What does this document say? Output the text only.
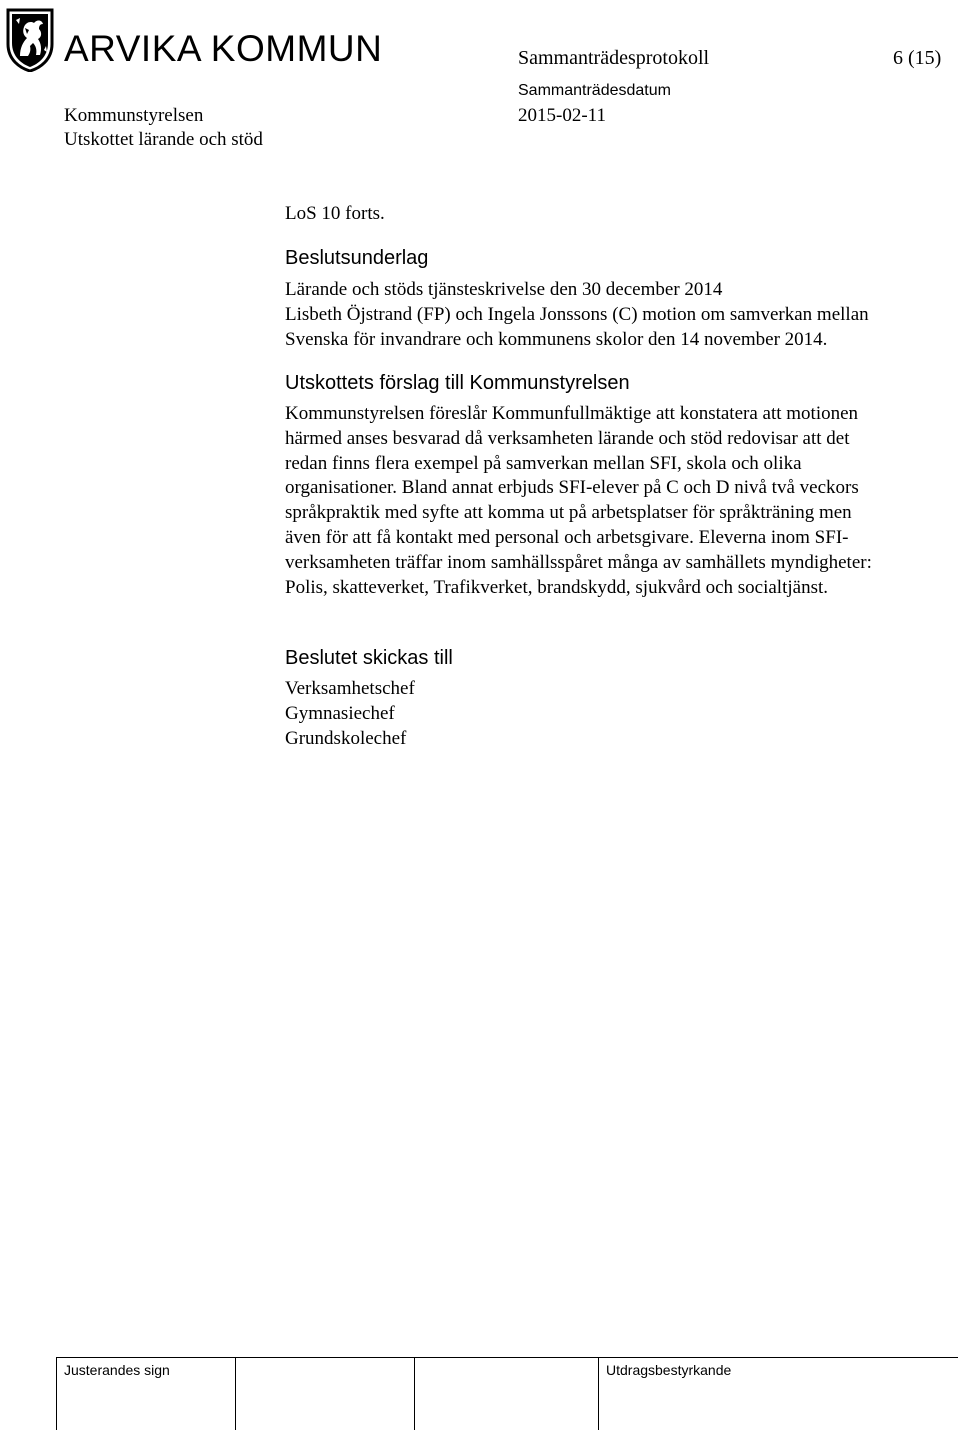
ARVIKA KOMMUN	Sammanträdesprotokoll	6 (15)
Sammanträdesdatum
Kommunstyrelsen	2015-02-11
Utskottet lärande och stöd
LoS 10 forts.
Beslutsunderlag
Lärande och stöds tjänsteskrivelse den 30 december 2014
Lisbeth Öjstrand (FP) och Ingela Jonssons (C) motion om samverkan mellan
Svenska för invandrare och kommunens skolor den 14 november 2014.
Utskottets förslag till Kommunstyrelsen
Kommunstyrelsen föreslår Kommunfullmäktige att konstatera att motionen
härmed anses besvarad då verksamheten lärande och stöd redovisar att det
redan finns flera exempel på samverkan mellan SFI, skola och olika
organisationer. Bland annat erbjuds SFI-elever på C och D nivå två veckors
språkpraktik med syfte att komma ut på arbetsplatser för språkträning men
även för att få kontakt med personal och arbetsgivare. Eleverna inom SFI-
verksamheten träffar inom samhällsspåret många av samhällets myndigheter:
Polis, skatteverket, Trafikverket, brandskydd, sjukvård och socialtjänst.
Beslutet skickas till
Verksamhetschef
Gymnasiechef
Grundskolechef
Justerandes sign	Utdragsbestyrkande
